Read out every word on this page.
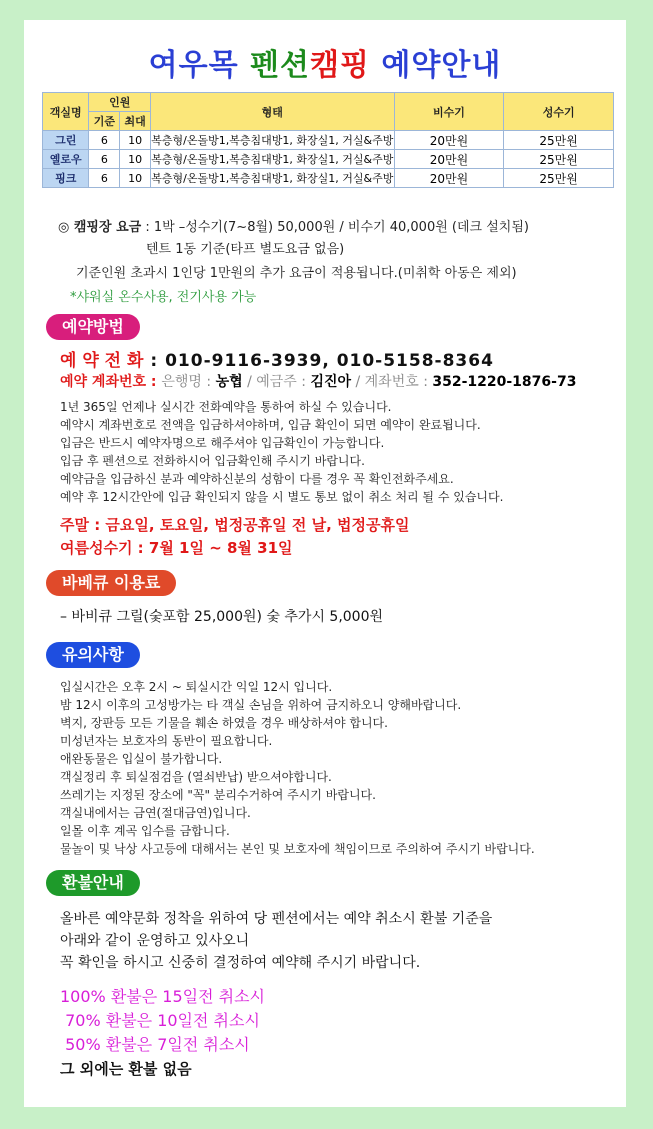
여우목 펜션캠핑 예약안내
객실명	인원		형태	비수기	성수기
	기준	최대			
그린	6	10	복층형/온돌방1,복층침대방1, 화장실1, 거실&주방	20만원	25만원
옐로우	6	10	복층형/온돌방1,복층침대방1, 화장실1, 거실&주방	20만원	25만원
핑크	6	10	복층형/온돌방1,복층침대방1, 화장실1, 거실&주방	20만원	25만원
◎ 캠핑장 요금 : 1박 –성수기(7~8월) 50,000원 / 비수기 40,000원 (데크 설치됨)
텐트 1동 기준(타프 별도요금 없음)
기준인원 초과시 1인당 1만원의 추가 요금이 적용됩니다.(미취학 아동은 제외)
*샤워실 온수사용, 전기사용 가능
예약방법
예 약 전 화 : 010-9116-3939, 010-5158-8364
예약 계좌번호 : 은행명 : 농협 / 예금주 : 김진아 / 계좌번호 : 352-1220-1876-73
1년 365일 언제나 실시간 전화예약을 통하여 하실 수 있습니다.
예약시 계좌번호로 전액을 입금하셔야하며, 입금 확인이 되면 예약이 완료됩니다.
입금은 반드시 예약자명으로 해주셔야 입금확인이 가능합니다.
입금 후 펜션으로 전화하시어 입금확인해 주시기 바랍니다.
예약금을 입금하신 분과 예약하신분의 성함이 다를 경우 꼭 확인전화주세요.
예약 후 12시간안에 입금 확인되지 않을 시 별도 통보 없이 취소 처리 될 수 있습니다.
주말 : 금요일, 토요일, 법정공휴일 전 날, 법정공휴일
여름성수기 : 7월 1일 ~ 8월 31일
바베큐 이용료
– 바비큐 그릴(숯포함 25,000원) 숯 추가시 5,000원
유의사항
입실시간은 오후 2시 ~ 퇴실시간 익일 12시 입니다.
밤 12시 이후의 고성방가는 타 객실 손님을 위하여 금지하오니 양해바랍니다.
벽지, 장판등 모든 기물을 훼손 하였을 경우 배상하셔야 합니다.
미성년자는 보호자의 동반이 필요합니다.
애완동물은 입실이 불가합니다.
객실정리 후 퇴실점검을 (열쇠반납) 받으셔야합니다.
쓰레기는 지정된 장소에 "꼭" 분리수거하여 주시기 바랍니다.
객실내에서는 금연(절대금연)입니다.
일몰 이후 계곡 입수를 금합니다.
물놀이 및 낙상 사고등에 대해서는 본인 및 보호자에 책임이므로 주의하여 주시기 바랍니다.
환불안내
올바른 예약문화 정착을 위하여 당 펜션에서는 예약 취소시 환불 기준을
아래와 같이 운영하고 있사오니
꼭 확인을 하시고 신중히 결정하여 예약해 주시기 바랍니다.
100% 환불은 15일전 취소시
70% 환불은 10일전 취소시
50% 환불은 7일전 취소시
그 외에는 환불 없음
